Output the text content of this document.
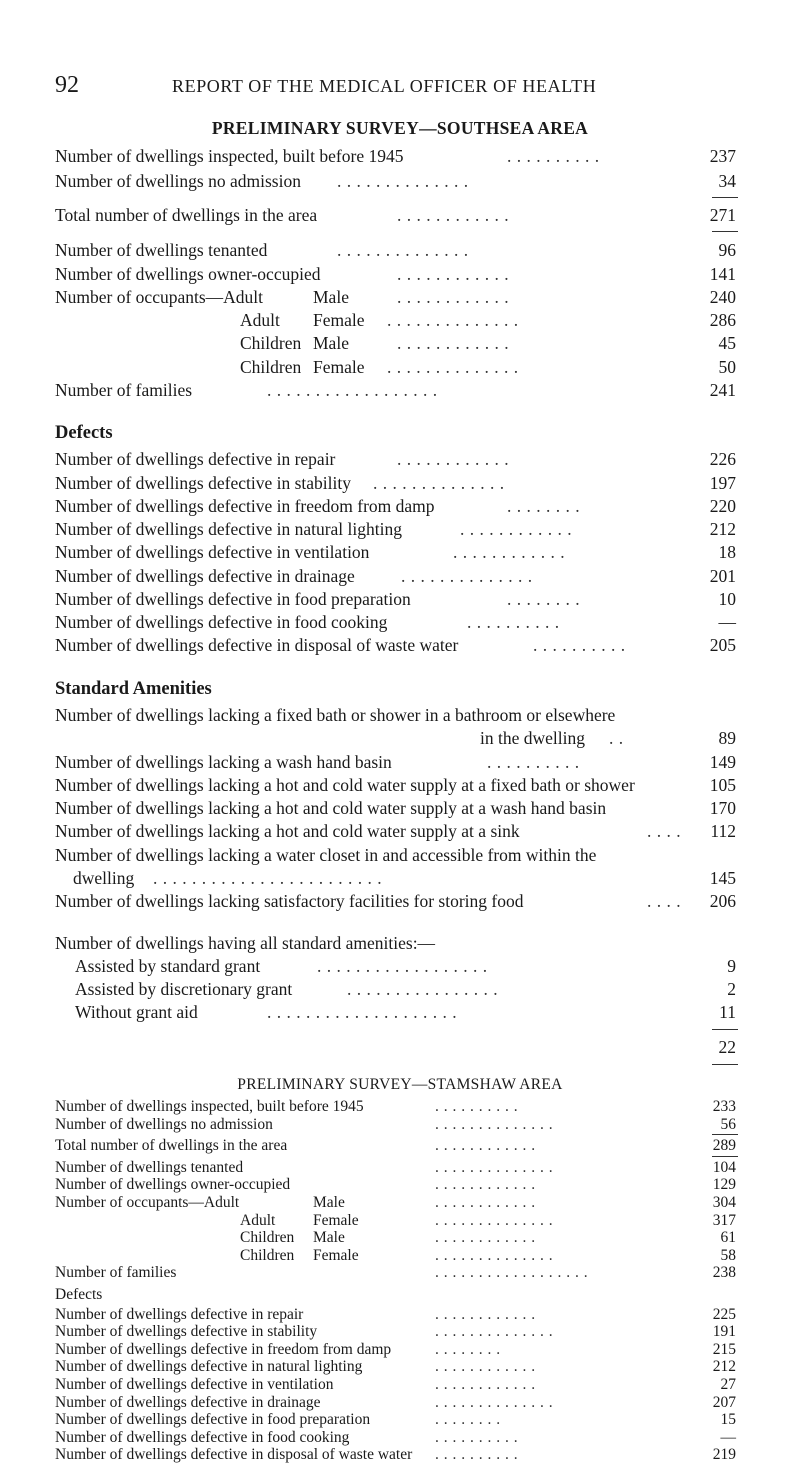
92	REPORT OF THE MEDICAL OFFICER OF HEALTH
PRELIMINARY SURVEY—SOUTHSEA AREA
Number of dwellings inspected, built before 1945	. . . . . . . . . .	237
Number of dwellings no admission . . . . . . . . . . . . . .	34
Total number of dwellings in the area	. . . . . . . . . . . .	271
Number of dwellings tenanted	. . . . . . . . . . . . . .	96
Number of dwellings owner-occupied	. . . . . . . . . . . .	141
Number of occupants—Adult	Male	. . . . . . . . . . . .	240
Adult Female . . . . . . . . . . . . . .	286
Children Male	. . . . . . . . . . . .	45
Children Female . . . . . . . . . . . . . .	50
Number of families	. . . . . . . . . . . . . . . . . .	241
Defects
Number of dwellings defective in repair	. . . . . . . . . . . .	226
Number of dwellings defective in stability . . . . . . . . . . . . . .	197
Number of dwellings defective in freedom from damp	. . . . . . . .	220
Number of dwellings defective in natural lighting	. . . . . . . . . . . .	212
Number of dwellings defective in ventilation	. . . . . . . . . . . .	18
Number of dwellings defective in drainage	. . . . . . . . . . . . . .	201
Number of dwellings defective in food preparation	. . . . . . . .	10
Number of dwellings defective in food cooking	. . . . . . . . . .	—
Number of dwellings defective in disposal of waste water	. . . . . . . . . .	205
Standard Amenities
Number of dwellings lacking a fixed bath or shower in a bathroom or elsewhere
in the dwelling . .	89
Number of dwellings lacking a wash hand basin	. . . . . . . . . .	149
Number of dwellings lacking a hot and cold water supply at a fixed bath or shower	105
Number of dwellings lacking a hot and cold water supply at a wash hand basin	170
Number of dwellings lacking a hot and cold water supply at a sink	. . . . 112
Number of dwellings lacking a water closet in and accessible from within the
dwelling . . . . . . . . . . . . . . . . . . . . . . . .	145
Number of dwellings lacking satisfactory facilities for storing food	. . . . 206
Number of dwellings having all standard amenities:—
Assisted by standard grant	. . . . . . . . . . . . . . . . . .	9
Assisted by discretionary grant	. . . . . . . . . . . . . . . .	2
Without grant aid	. . . . . . . . . . . . . . . . . . . .	11
22
PRELIMINARY SURVEY—STAMSHAW AREA
Number of dwellings inspected, built before 1945	. . . . . . . . . .	233
Number of dwellings no admission	. . . . . . . . . . . . . .	56
Total number of dwellings in the area	. . . . . . . . . . . .	289
Number of dwellings tenanted	. . . . . . . . . . . . . .	104
Number of dwellings owner-occupied	. . . . . . . . . . . .	129
Number of occupants—Adult	Male	. . . . . . . . . . . .	304
Adult Female	. . . . . . . . . . . . . .	317
Children Male	. . . . . . . . . . . .	61
Children Female	. . . . . . . . . . . . . .	58
Number of families	. . . . . . . . . . . . . . . . . .	238
Defects
Number of dwellings defective in repair	. . . . . . . . . . . .	225
Number of dwellings defective in stability	. . . . . . . . . . . . . .	191
Number of dwellings defective in freedom from damp	. . . . . . . .	215
Number of dwellings defective in natural lighting	. . . . . . . . . . . .	212
Number of dwellings defective in ventilation	. . . . . . . . . . . .	27
Number of dwellings defective in drainage	. . . . . . . . . . . . . .	207
Number of dwellings defective in food preparation	. . . . . . . .	15
Number of dwellings defective in food cooking	. . . . . . . . . .	—
Number of dwellings defective in disposal of waste water . . . . . . . . . .	219
